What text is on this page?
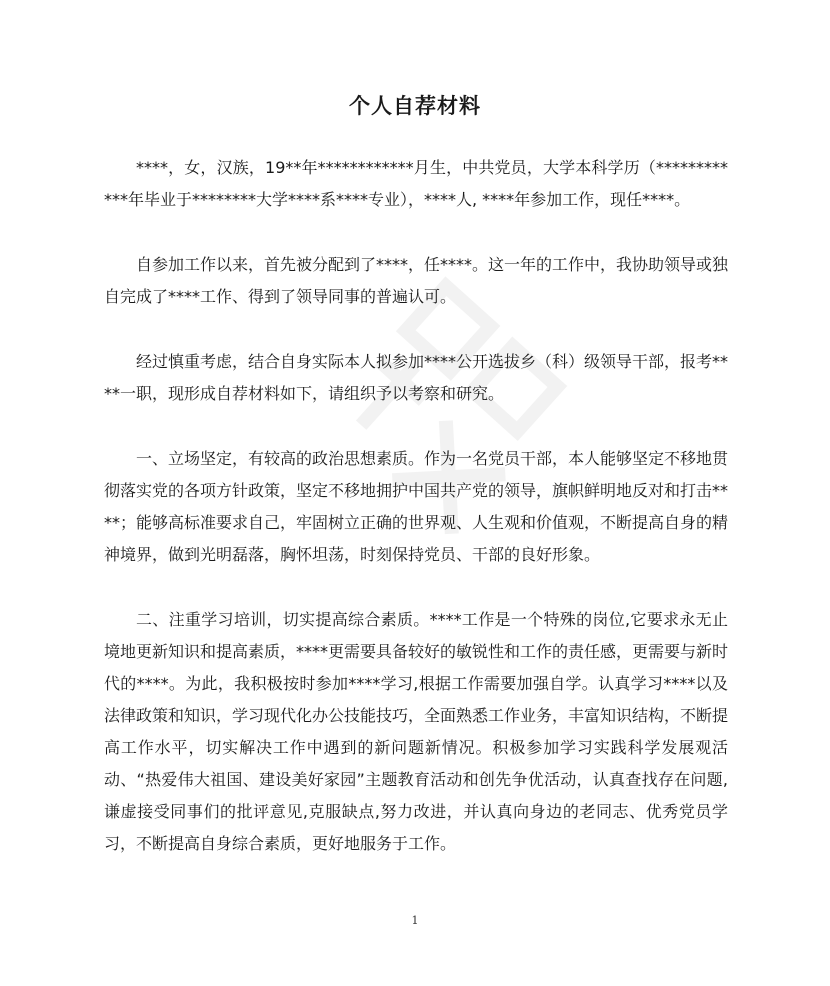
个人自荐材料

****，女，汉族，19**年************月生，中共党员，大学本科学历（************年毕业于********大学****系****专业），****人, ****年参加工作，现任****。

自参加工作以来，首先被分配到了****，任****。这一年的工作中，我协助领导或独自完成了****工作、得到了领导同事的普遍认可。

经过慎重考虑，结合自身实际本人拟参加****公开选拔乡（科）级领导干部，报考****一职，现形成自荐材料如下，请组织予以考察和研究。

一、立场坚定，有较高的政治思想素质。作为一名党员干部，本人能够坚定不移地贯彻落实党的各项方针政策，坚定不移地拥护中国共产党的领导，旗帜鲜明地反对和打击****；能够高标准要求自己，牢固树立正确的世界观、人生观和价值观，不断提高自身的精神境界，做到光明磊落，胸怀坦荡，时刻保持党员、干部的良好形象。

二、注重学习培训，切实提高综合素质。****工作是一个特殊的岗位,它要求永无止境地更新知识和提高素质，****更需要具备较好的敏锐性和工作的责任感，更需要与新时代的****。为此，我积极按时参加****学习,根据工作需要加强自学。认真学习****以及法律政策和知识，学习现代化办公技能技巧，全面熟悉工作业务，丰富知识结构，不断提高工作水平，切实解决工作中遇到的新问题新情况。积极参加学习实践科学发展观活动、“热爱伟大祖国、建设美好家园”主题教育活动和创先争优活动，认真查找存在问题,谦虚接受同事们的批评意见,克服缺点,努力改进，并认真向身边的老同志、优秀党员学习，不断提高自身综合素质，更好地服务于工作。

1
